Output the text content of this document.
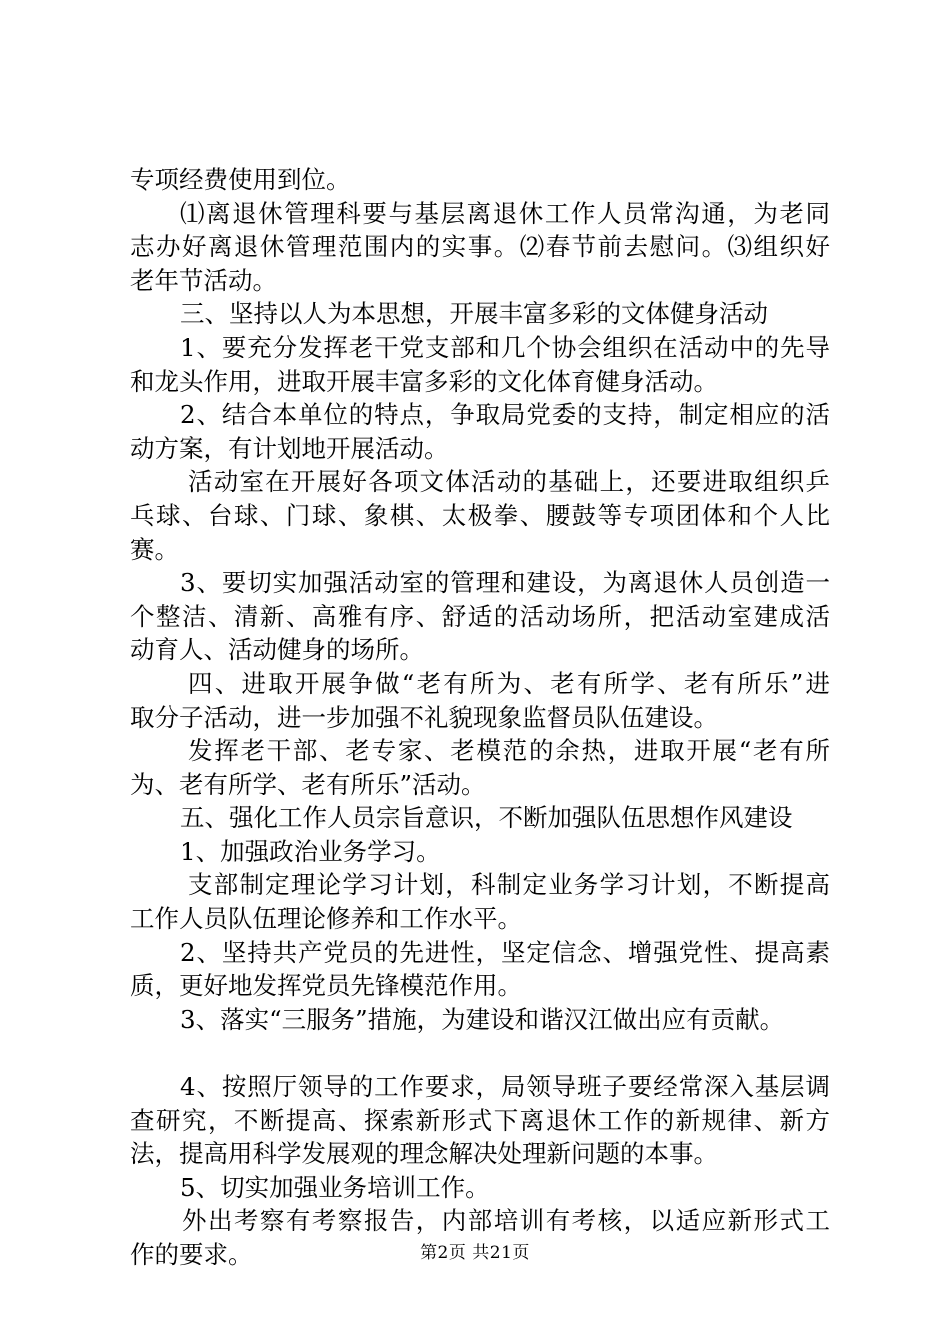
专项经费使用到位。
⑴离退休管理科要与基层离退休工作人员常沟通，为老同
志办好离退休管理范围内的实事。⑵春节前去慰问。⑶组织好
老年节活动。
三、坚持以人为本思想，开展丰富多彩的文体健身活动
1、要充分发挥老干党支部和几个协会组织在活动中的先导
和龙头作用，进取开展丰富多彩的文化体育健身活动。
2、结合本单位的特点，争取局党委的支持，制定相应的活
动方案，有计划地开展活动。
活动室在开展好各项文体活动的基础上，还要进取组织乒
乓球、台球、门球、象棋、太极拳、腰鼓等专项团体和个人比
赛。
3、要切实加强活动室的管理和建设，为离退休人员创造一
个整洁、清新、高雅有序、舒适的活动场所，把活动室建成活
动育人、活动健身的场所。
四、进取开展争做“老有所为、老有所学、老有所乐”进
取分子活动，进一步加强不礼貌现象监督员队伍建设。
发挥老干部、老专家、老模范的余热，进取开展“老有所
为、老有所学、老有所乐”活动。
五、强化工作人员宗旨意识，不断加强队伍思想作风建设
1、加强政治业务学习。
支部制定理论学习计划，科制定业务学习计划，不断提高
工作人员队伍理论修养和工作水平。
2、坚持共产党员的先进性，坚定信念、增强党性、提高素
质，更好地发挥党员先锋模范作用。
3、落实“三服务”措施，为建设和谐汉江做出应有贡献。
4、按照厅领导的工作要求，局领导班子要经常深入基层调
查研究，不断提高、探索新形式下离退休工作的新规律、新方
法，提高用科学发展观的理念解决处理新问题的本事。
5、切实加强业务培训工作。
外出考察有考察报告，内部培训有考核，以适应新形式工
作的要求。	第2页 共21页
